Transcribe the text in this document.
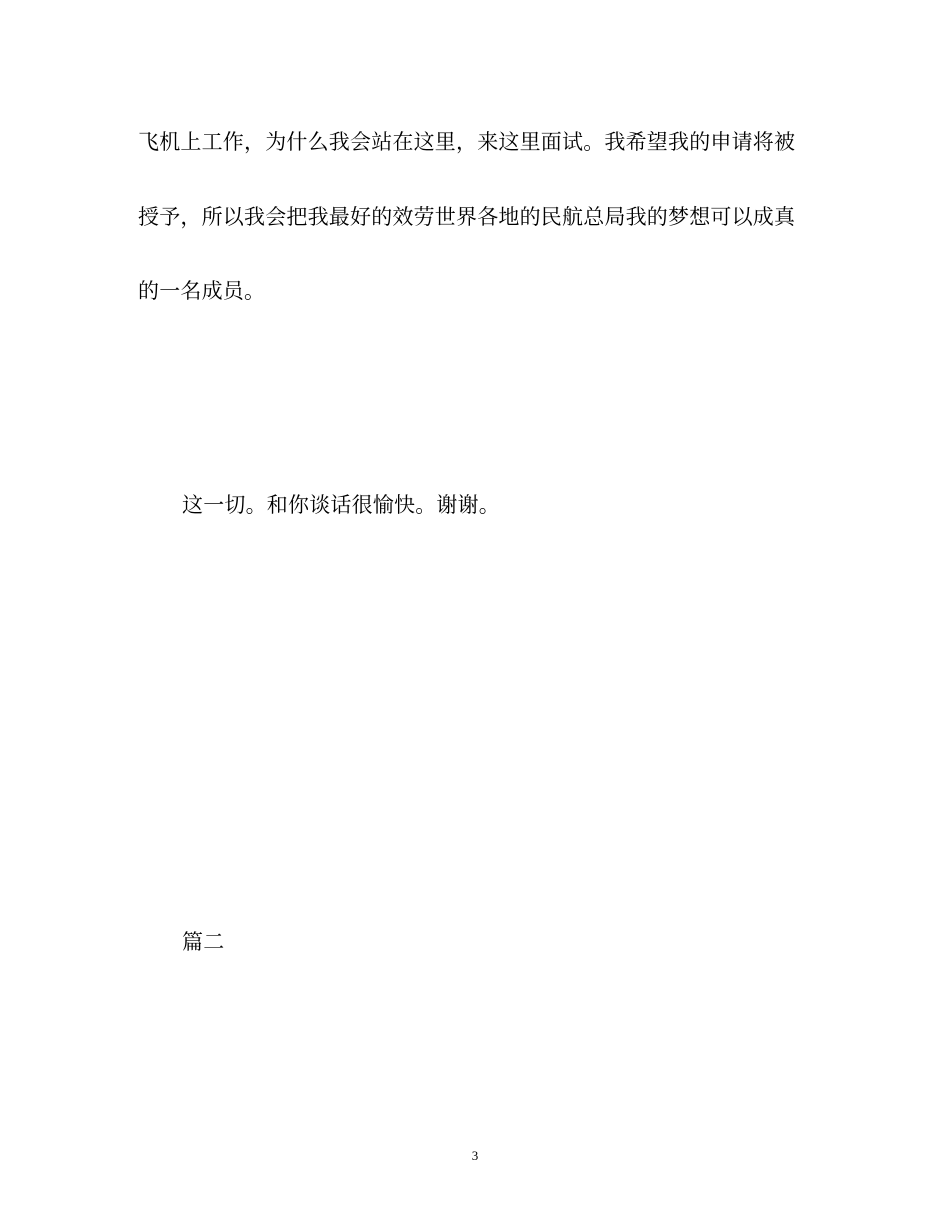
飞机上工作，为什么我会站在这里，来这里面试。我希望我的申请将被
授予，所以我会把我最好的效劳世界各地的民航总局我的梦想可以成真
的一名成员。
这一切。和你谈话很愉快。谢谢。
篇二
3
